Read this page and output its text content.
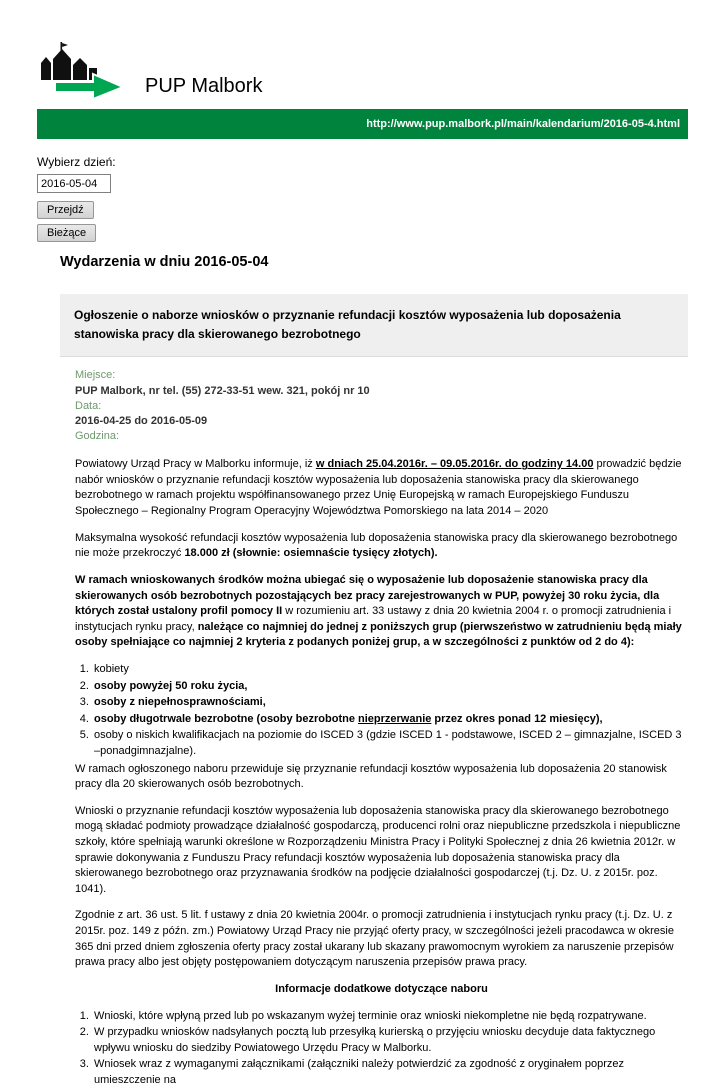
PUP Malbork
http://www.pup.malbork.pl/main/kalendarium/2016-05-4.html
Wybierz dzień:
2016-05-04
Przejdź
Bieżące
Wydarzenia w dniu 2016-05-04
Ogłoszenie o naborze wniosków o przyznanie refundacji kosztów wyposażenia lub doposażenia stanowiska pracy dla skierowanego bezrobotnego
Miejsce:
PUP Malbork, nr tel. (55) 272-33-51 wew. 321, pokój nr 10
Data:
2016-04-25 do 2016-05-09
Godzina:

Powiatowy Urząd Pracy w Malborku informuje, iż w dniach 25.04.2016r. – 09.05.2016r. do godziny 14.00 prowadzić będzie nabór wniosków o przyznanie refundacji kosztów wyposażenia lub doposażenia stanowiska pracy dla skierowanego bezrobotnego w ramach projektu współfinansowanego przez Unię Europejską w ramach Europejskiego Funduszu Społecznego – Regionalny Program Operacyjny Województwa Pomorskiego na lata 2014 – 2020

Maksymalna wysokość refundacji kosztów wyposażenia lub doposażenia stanowiska pracy dla skierowanego bezrobotnego nie może przekroczyć 18.000 zł (słownie: osiemnaście tysięcy złotych).

W ramach wnioskowanych środków można ubiegać się o wyposażenie lub doposażenie stanowiska pracy dla skierowanych osób bezrobotnych pozostających bez pracy zarejestrowanych w PUP, powyżej 30 roku życia, dla których został ustalony profil pomocy II w rozumieniu art. 33 ustawy z dnia 20 kwietnia 2004 r. o promocji zatrudnienia i instytucjach rynku pracy, należące co najmniej do jednej z poniższych grup (pierwszeństwo w zatrudnieniu będą miały osoby spełniające co najmniej 2 kryteria z podanych poniżej grup, a w szczególności z punktów od 2 do 4):

1. kobiety
2. osoby powyżej 50 roku życia,
3. osoby z niepełnosprawnościami,
4. osoby długotrwale bezrobotne (osoby bezrobotne nieprzerwanie przez okres ponad 12 miesięcy),
5. osoby o niskich kwalifikacjach na poziomie do ISCED 3 (gdzie ISCED 1 - podstawowe, ISCED 2 – gimnazjalne, ISCED 3 –ponadgimnazjalne).

W ramach ogłoszonego naboru przewiduje się przyznanie refundacji kosztów wyposażenia lub doposażenia 20 stanowisk pracy dla 20 skierowanych osób bezrobotnych.

Wnioski o przyznanie refundacji kosztów wyposażenia lub doposażenia stanowiska pracy dla skierowanego bezrobotnego mogą składać podmioty prowadzące działalność gospodarczą, producenci rolni oraz niepubliczne przedszkola i niepubliczne szkoły, które spełniają warunki określone w Rozporządzeniu Ministra Pracy i Polityki Społecznej z dnia 26 kwietnia 2012r. w sprawie dokonywania z Funduszu Pracy refundacji kosztów wyposażenia lub doposażenia stanowiska pracy dla skierowanego bezrobotnego oraz przyznawania środków na podjęcie działalności gospodarczej (t.j. Dz. U. z 2015r. poz. 1041).

Zgodnie z art. 36 ust. 5 lit. f ustawy z dnia 20 kwietnia 2004r. o promocji zatrudnienia i instytucjach rynku pracy (t.j. Dz. U. z 2015r. poz. 149 z późn. zm.) Powiatowy Urząd Pracy nie przyjąć oferty pracy, w szczególności jeżeli pracodawca w okresie 365 dni przed dniem zgłoszenia oferty pracy został ukarany lub skazany prawomocnym wyrokiem za naruszenie przepisów prawa pracy albo jest objęty postępowaniem dotyczącym naruszenia przepisów prawa pracy.

Informacje dodatkowe dotyczące naboru

1. Wnioski, które wpłyną przed lub po wskazanym wyżej terminie oraz wnioski niekompletne nie będą rozpatrywane.
2. W przypadku wniosków nadsyłanych pocztą lub przesyłką kurierską o przyjęciu wniosku decyduje data faktycznego wpływu wniosku do siedziby Powiatowego Urzędu Pracy w Malborku.
3. Wniosek wraz z wymaganymi załącznikami (załączniki należy potwierdzić za zgodność z oryginałem poprzez umieszczenie na
